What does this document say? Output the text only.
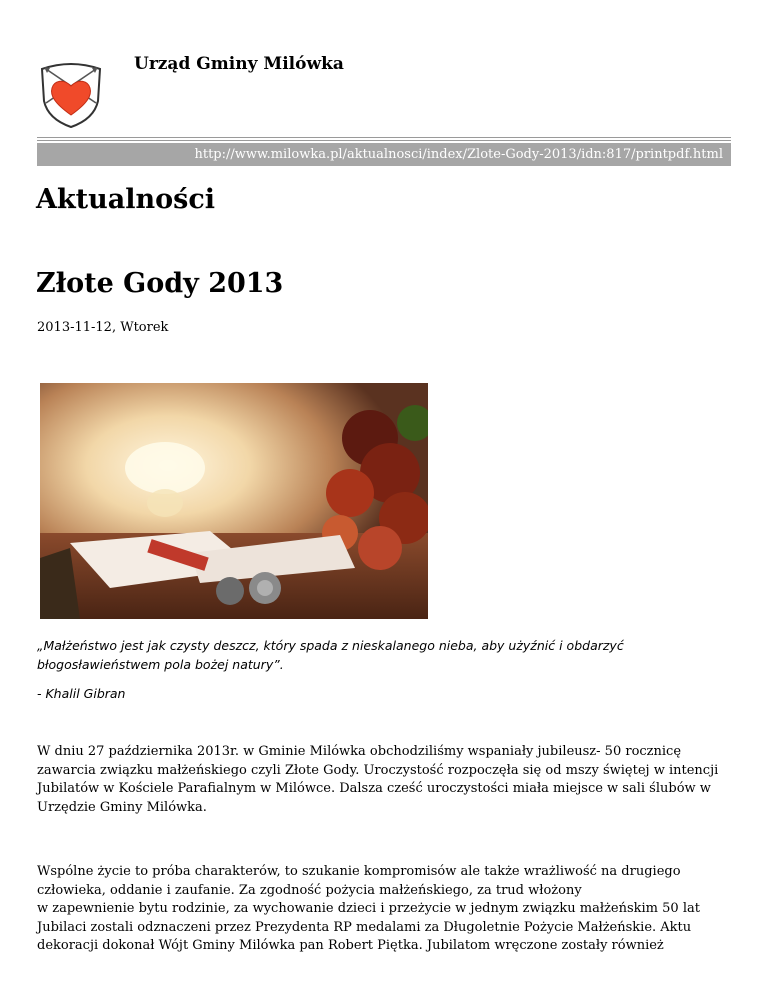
Urząd Gminy Milówka
http://www.milowka.pl/aktualnosci/index/Zlote-Gody-2013/idn:817/printpdf.html
Aktualności
Złote Gody 2013
2013-11-12, Wtorek

„Małżeństwo jest jak czysty deszcz, który spada z nieskalanego nieba, aby użyźnić i obdarzyć błogosławieństwem pola bożej natury”.

- Khalil Gibran

W dniu 27 października 2013r. w Gminie Milówka obchodziliśmy wspaniały jubileusz- 50 rocznicę
zawarcia związku małżeńskiego czyli Złote Gody. Uroczystość rozpoczęła się od mszy świętej w intencji
Jubilatów w Kościele Parafialnym w Milówce. Dalsza cześć uroczystości miała miejsce w sali ślubów w
Urzędzie Gminy Milówka.

Wspólne życie to próba charakterów, to szukanie kompromisów ale także wrażliwość na drugiego
człowieka, oddanie i zaufanie. Za zgodność pożycia małżeńskiego, za trud włożony
w zapewnienie bytu rodzinie, za wychowanie dzieci i przeżycie w jednym związku małżeńskim 50 lat
Jubilaci zostali odznaczeni przez Prezydenta RP medalami za Długoletnie Pożycie Małżeńskie. Aktu
dekoracji dokonał Wójt Gminy Milówka pan Robert Piętka. Jubilatom wręczone zostały również
